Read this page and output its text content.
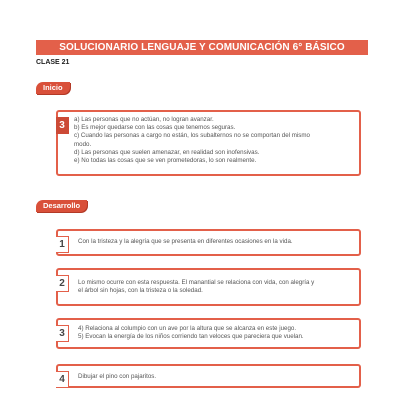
SOLUCIONARIO LENGUAJE Y COMUNICACIÓN 6° BÁSICO
CLASE 21
Inicio
3
a) Las personas que no actúan, no logran avanzar.
b) Es mejor quedarse con las cosas que tenemos seguras.
c) Cuando las personas a cargo no están, los subalternos no se comportan del mismo
modo.
d) Las personas que suelen amenazar, en realidad son inofensivas.
e) No todas las cosas que se ven prometedoras, lo son realmente.
Desarrollo
1	Con la tristeza y la alegría que se presenta en diferentes ocasiones en la vida.
2	Lo mismo ocurre con esta respuesta. El manantial se relaciona con vida, con alegría y
el árbol sin hojas, con la tristeza o la soledad.
3	4) Relaciona al columpio con un ave por la altura que se alcanza en este juego.
5) Evocan la energía de los niños corriendo tan veloces que pareciera que vuelan.
4	Dibujar el pino con pajaritos.
